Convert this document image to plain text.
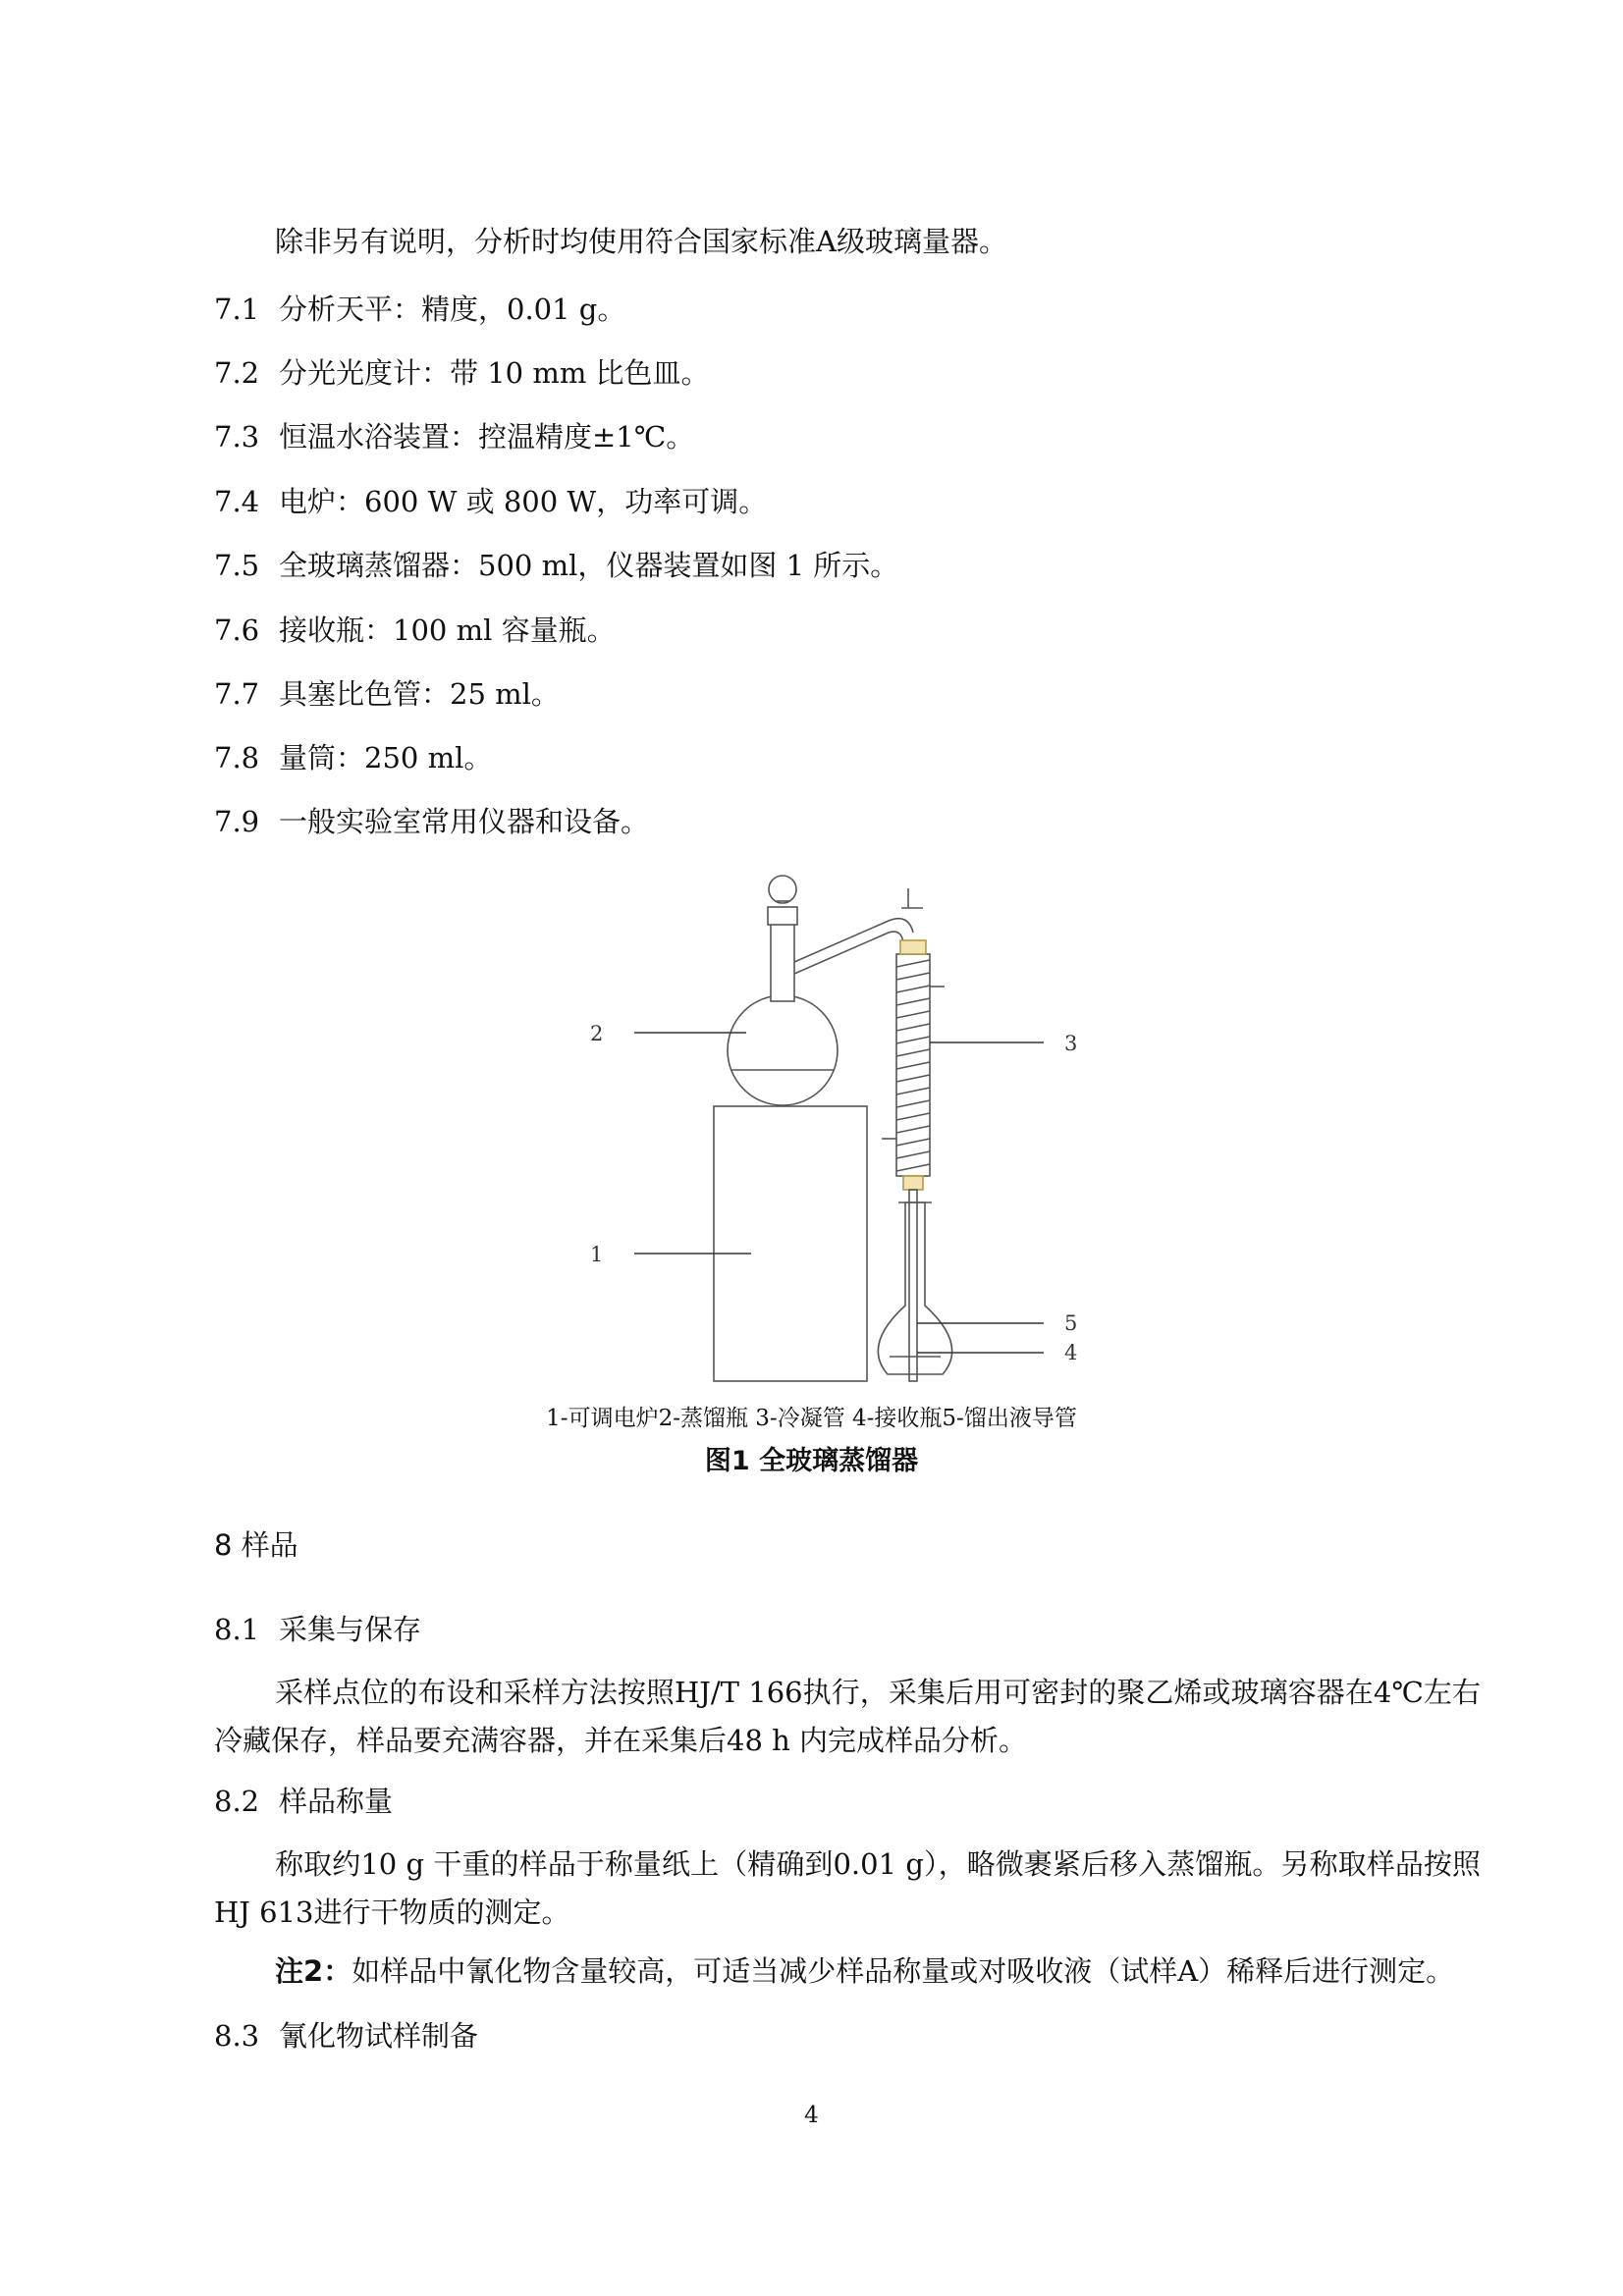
除非另有说明，分析时均使用符合国家标准A级玻璃量器。
7.1 分析天平：精度，0.01 g。
7.2 分光光度计：带 10 mm 比色皿。
7.3 恒温水浴装置：控温精度±1℃。
7.4 电炉：600 W 或 800 W，功率可调。
7.5 全玻璃蒸馏器：500 ml，仪器装置如图 1 所示。
7.6 接收瓶：100 ml 容量瓶。
7.7 具塞比色管：25 ml。
7.8 量筒：250 ml。
7.9 一般实验室常用仪器和设备。
1
2	3
4
5
1-可调电炉2-蒸馏瓶 3-冷凝管 4-接收瓶5-馏出液导管
图1 全玻璃蒸馏器
8 样品
8.1 采集与保存
采样点位的布设和采样方法按照HJ/T 166执行，采集后用可密封的聚乙烯或玻璃容器在4℃左右冷藏保存，样品要充满容器，并在采集后48 h 内完成样品分析。
8.2 样品称量
称取约10 g 干重的样品于称量纸上（精确到0.01 g），略微裹紧后移入蒸馏瓶。另称取样品按照HJ 613进行干物质的测定。
注2：如样品中氰化物含量较高，可适当减少样品称量或对吸收液（试样A）稀释后进行测定。
8.3 氰化物试样制备
4
